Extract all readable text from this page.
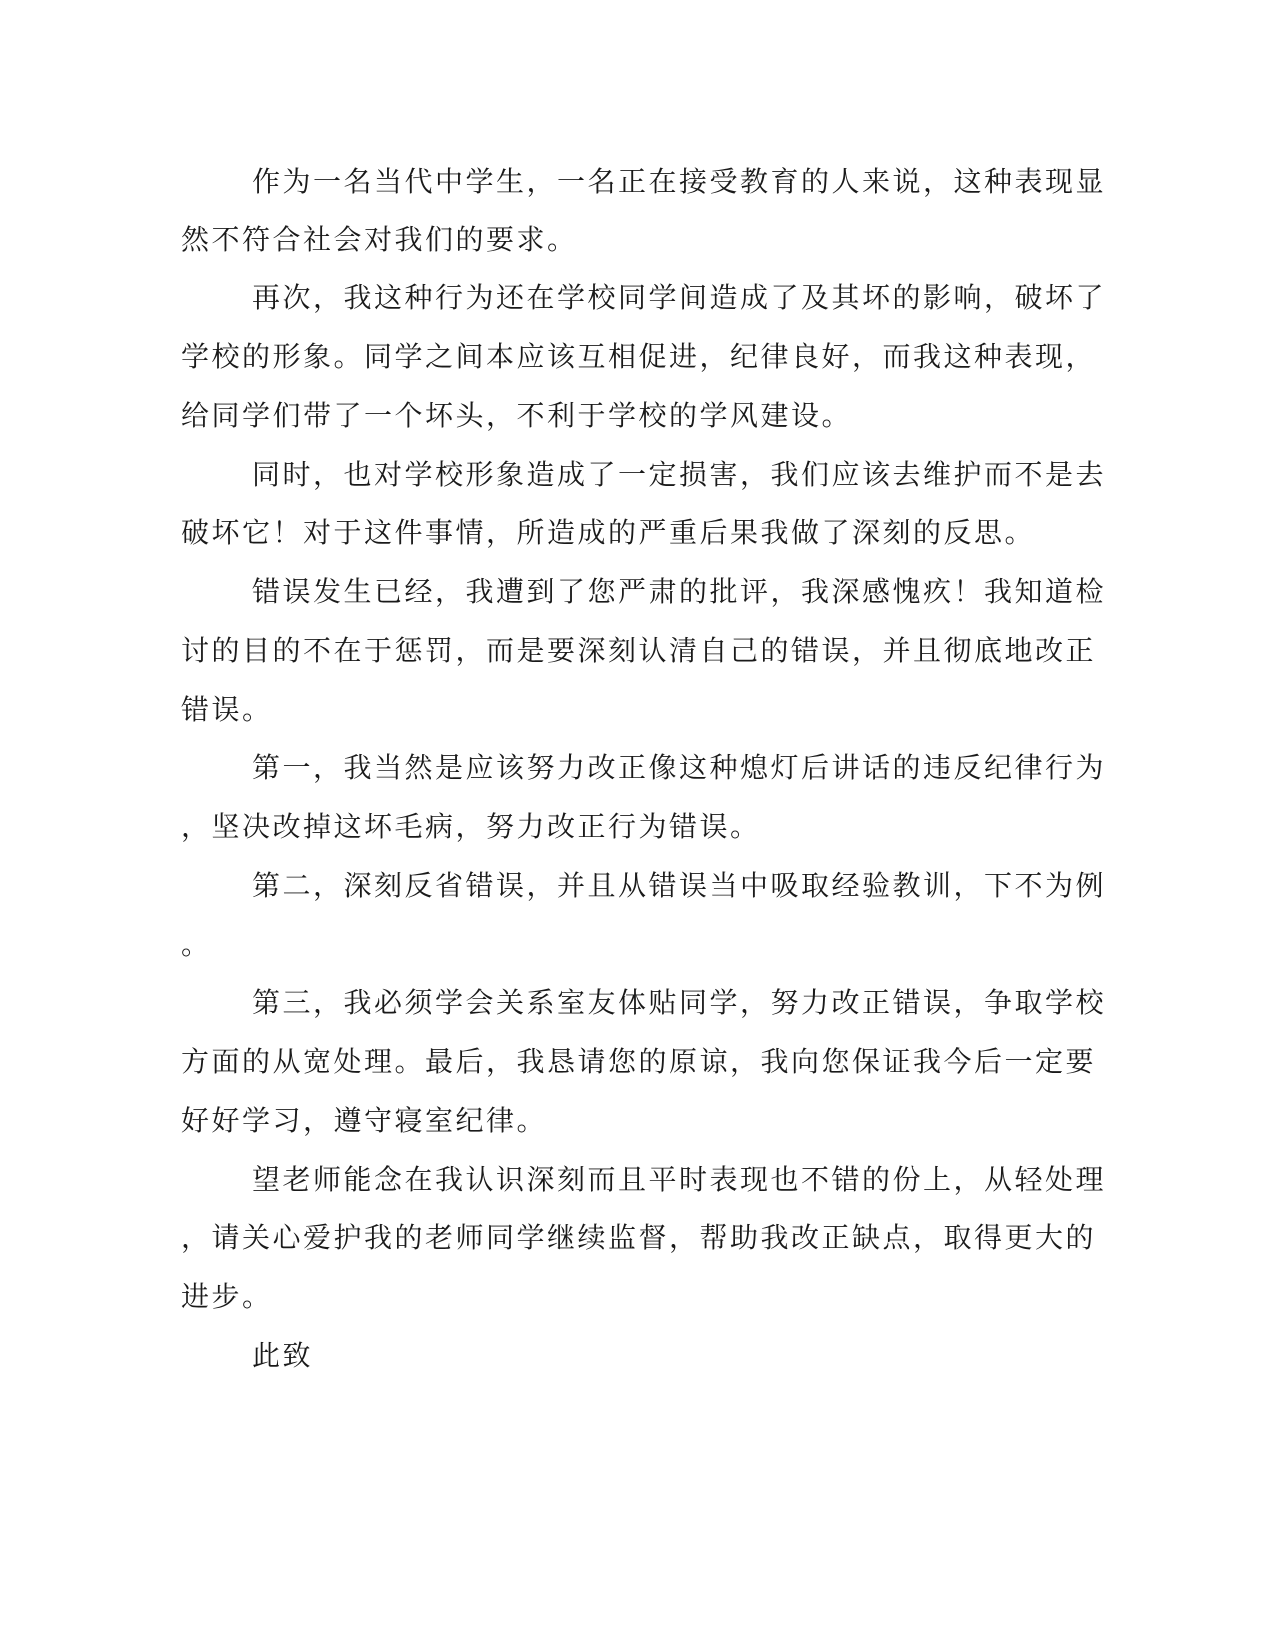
作为一名当代中学生，一名正在接受教育的人来说，这种表现显
然不符合社会对我们的要求。
再次，我这种行为还在学校同学间造成了及其坏的影响，破坏了
学校的形象。同学之间本应该互相促进，纪律良好，而我这种表现，
给同学们带了一个坏头，不利于学校的学风建设。
同时，也对学校形象造成了一定损害，我们应该去维护而不是去
破坏它！对于这件事情，所造成的严重后果我做了深刻的反思。
错误发生已经，我遭到了您严肃的批评，我深感愧疚！我知道检
讨的目的不在于惩罚，而是要深刻认清自己的错误，并且彻底地改正
错误。
第一，我当然是应该努力改正像这种熄灯后讲话的违反纪律行为
，坚决改掉这坏毛病，努力改正行为错误。
第二，深刻反省错误，并且从错误当中吸取经验教训，下不为例
。
第三，我必须学会关系室友体贴同学，努力改正错误，争取学校
方面的从宽处理。最后，我恳请您的原谅，我向您保证我今后一定要
好好学习，遵守寝室纪律。
望老师能念在我认识深刻而且平时表现也不错的份上，从轻处理
，请关心爱护我的老师同学继续监督，帮助我改正缺点，取得更大的
进步。
此致
